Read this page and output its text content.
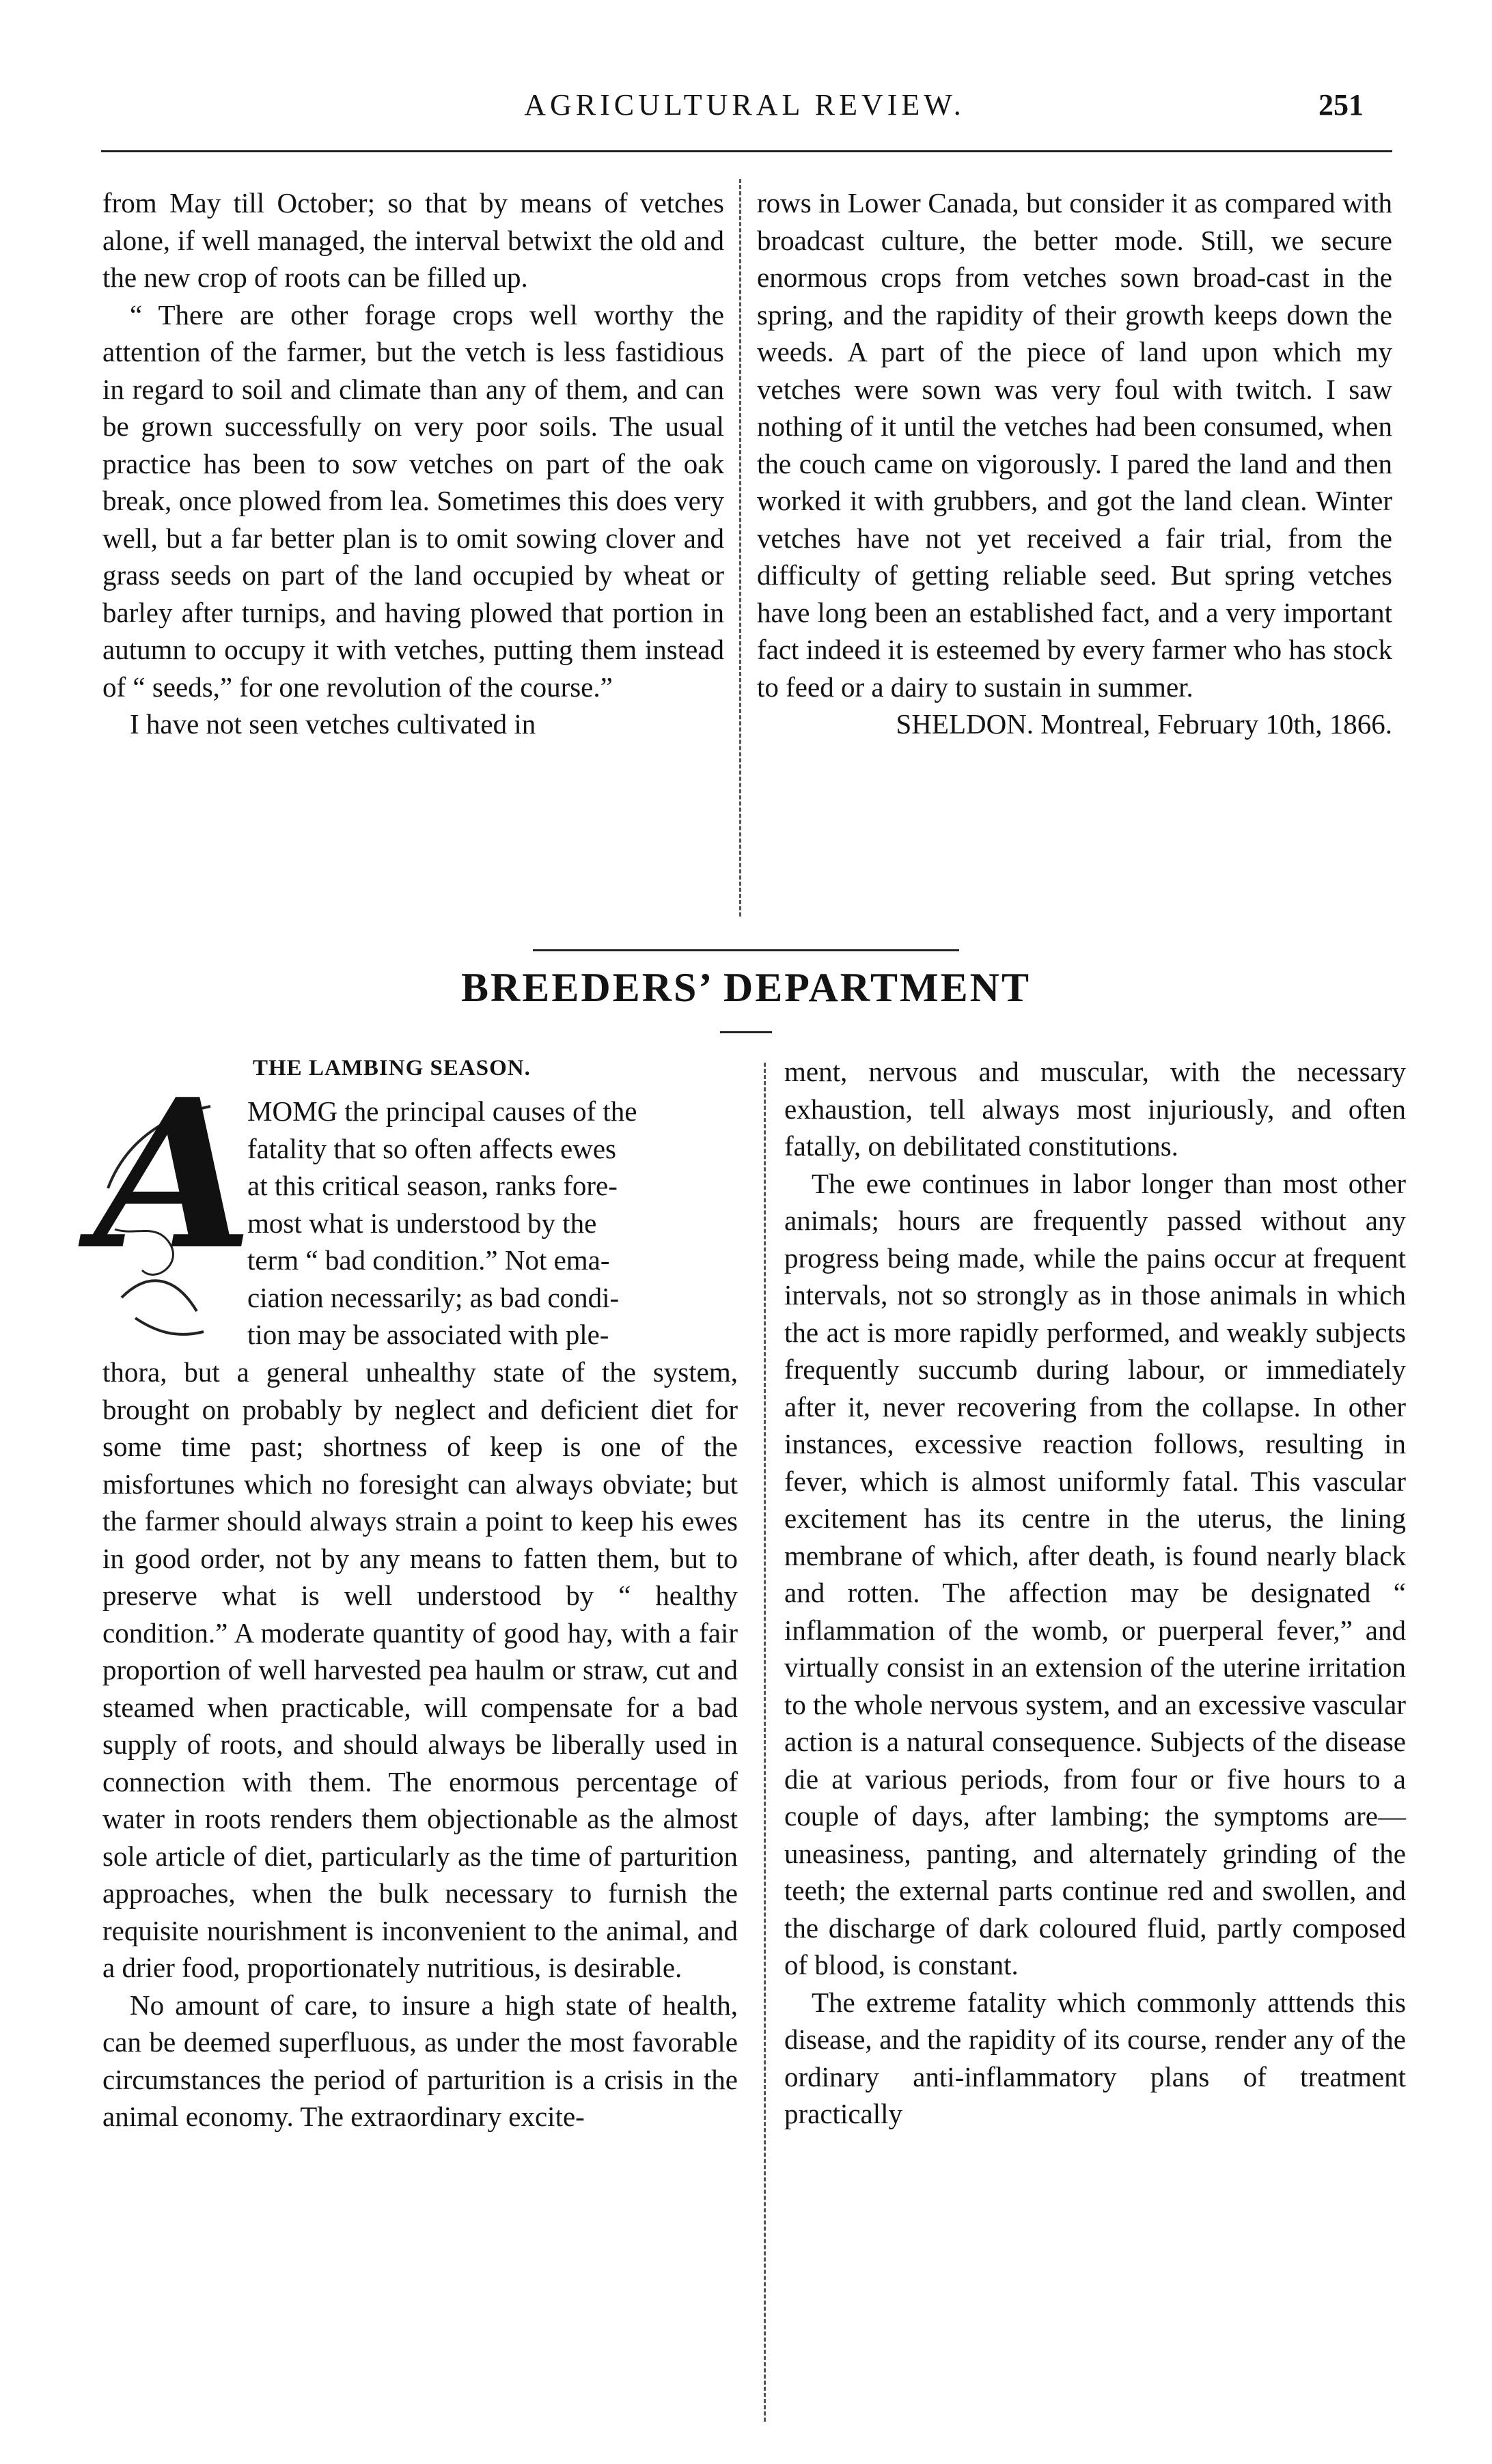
AGRICULTURAL REVIEW.	251

from May till October; so that by means of vetches alone, if well managed, the interval betwixt the old and the new crop of roots can be filled up.

“ There are other forage crops well worthy the attention of the farmer, but the vetch is less fastidious in regard to soil and climate than any of them, and can be grown successfully on very poor soils. The usual practice has been to sow vetches on part of the oak break, once plowed from lea. Sometimes this does very well, but a far better plan is to omit sowing clover and grass seeds on part of the land occupied by wheat or barley after turnips, and having plowed that portion in autumn to occupy it with vetches, putting them instead of “ seeds,” for one revolution of the course.”

I have not seen vetches cultivated in

rows in Lower Canada, but consider it as compared with broadcast culture, the better mode. Still, we secure enormous crops from vetches sown broad-cast in the spring, and the rapidity of their growth keeps down the weeds. A part of the piece of land upon which my vetches were sown was very foul with twitch. I saw nothing of it until the vetches had been consumed, when the couch came on vigorously. I pared the land and then worked it with grubbers, and got the land clean. Winter vetches have not yet received a fair trial, from the difficulty of getting reliable seed. But spring vetches have long been an established fact, and a very important fact indeed it is esteemed by every farmer who has stock to feed or a dairy to sustain in summer.

SHELDON. Montreal, February 10th, 1866.

BREEDERS’ DEPARTMENT
THE LAMBING SEASON.
A
MOMG the principal causes of the
fatality that so often affects ewes
at this critical season, ranks fore-
most what is understood by the
term “ bad condition.” Not ema-
ciation necessarily; as bad condi-
tion may be associated with ple-

thora, but a general unhealthy state of the system, brought on probably by neglect and deficient diet for some time past; shortness of keep is one of the misfortunes which no foresight can always obviate; but the farmer should always strain a point to keep his ewes in good order, not by any means to fatten them, but to preserve what is well understood by “ healthy condition.” A moderate quantity of good hay, with a fair proportion of well harvested pea haulm or straw, cut and steamed when practicable, will compensate for a bad supply of roots, and should always be liberally used in connection with them. The enormous percentage of water in roots renders them objectionable as the almost sole article of diet, particularly as the time of parturition approaches, when the bulk necessary to furnish the requisite nourishment is inconvenient to the animal, and a drier food, proportionately nutritious, is desirable.

No amount of care, to insure a high state of health, can be deemed superfluous, as under the most favorable circumstances the period of parturition is a crisis in the animal economy. The extraordinary excite-

ment, nervous and muscular, with the necessary exhaustion, tell always most injuriously, and often fatally, on debilitated constitutions.

The ewe continues in labor longer than most other animals; hours are frequently passed without any progress being made, while the pains occur at frequent intervals, not so strongly as in those animals in which the act is more rapidly performed, and weakly subjects frequently succumb during labour, or immediately after it, never recovering from the collapse. In other instances, excessive reaction follows, resulting in fever, which is almost uniformly fatal. This vascular excitement has its centre in the uterus, the lining membrane of which, after death, is found nearly black and rotten. The affection may be designated “ inflammation of the womb, or puerperal fever,” and virtually consist in an extension of the uterine irritation to the whole nervous system, and an excessive vascular action is a natural consequence. Subjects of the disease die at various periods, from four or five hours to a couple of days, after lambing; the symptoms are—uneasiness, panting, and alternately grinding of the teeth; the external parts continue red and swollen, and the discharge of dark coloured fluid, partly composed of blood, is constant.

The extreme fatality which commonly atttends this disease, and the rapidity of its course, render any of the ordinary anti-inflammatory plans of treatment practically
